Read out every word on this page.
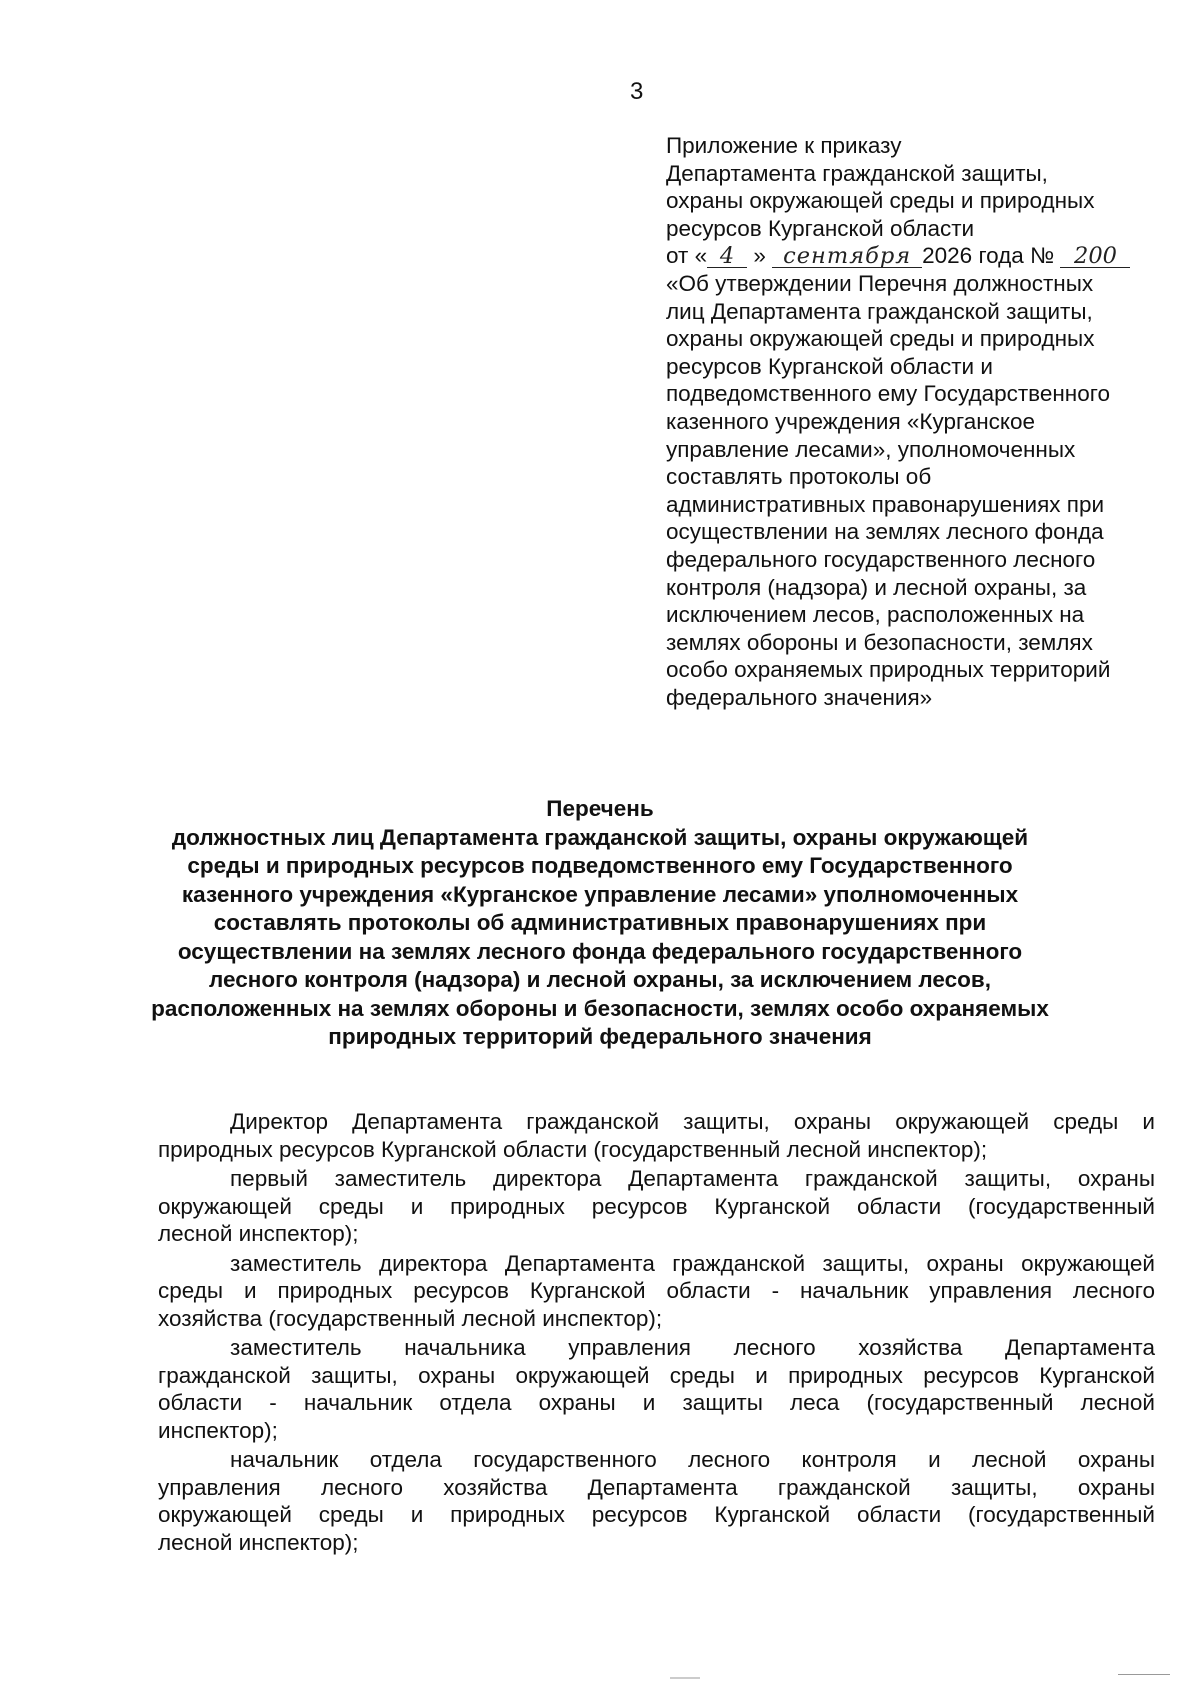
3
Приложение к приказу
Департамента гражданской защиты,
охраны окружающей среды и природных
ресурсов Курганской области
от « 4 » сентября 2026 года № 200
«Об утверждении Перечня должностных
лиц Департамента гражданской защиты,
охраны окружающей среды и природных
ресурсов Курганской области и
подведомственного ему Государственного
казенного учреждения «Курганское
управление лесами», уполномоченных
составлять протоколы об
административных правонарушениях при
осуществлении на землях лесного фонда
федерального государственного лесного
контроля (надзора) и лесной охраны, за
исключением лесов, расположенных на
землях обороны и безопасности, землях
особо охраняемых природных территорий
федерального значения»
Перечень
должностных лиц Департамента гражданской защиты, охраны окружающей
среды и природных ресурсов подведомственного ему Государственного
казенного учреждения «Курганское управление лесами» уполномоченных
составлять протоколы об административных правонарушениях при
осуществлении на землях лесного фонда федерального государственного
лесного контроля (надзора) и лесной охраны, за исключением лесов,
расположенных на землях обороны и безопасности, землях особо охраняемых
природных территорий федерального значения
Директор Департамента гражданской защиты, охраны окружающей среды и
природных ресурсов Курганской области (государственный лесной инспектор);
первый заместитель директора Департамента гражданской защиты, охраны
окружающей среды и природных ресурсов Курганской области (государственный
лесной инспектор);
заместитель директора Департамента гражданской защиты, охраны окружающей
среды и природных ресурсов Курганской области - начальник управления лесного
хозяйства (государственный лесной инспектор);
заместитель начальника управления лесного хозяйства Департамента
гражданской защиты, охраны окружающей среды и природных ресурсов Курганской
области - начальник отдела охраны и защиты леса (государственный лесной
инспектор);
начальник отдела государственного лесного контроля и лесной охраны
управления лесного хозяйства Департамента гражданской защиты, охраны
окружающей среды и природных ресурсов Курганской области (государственный
лесной инспектор);
